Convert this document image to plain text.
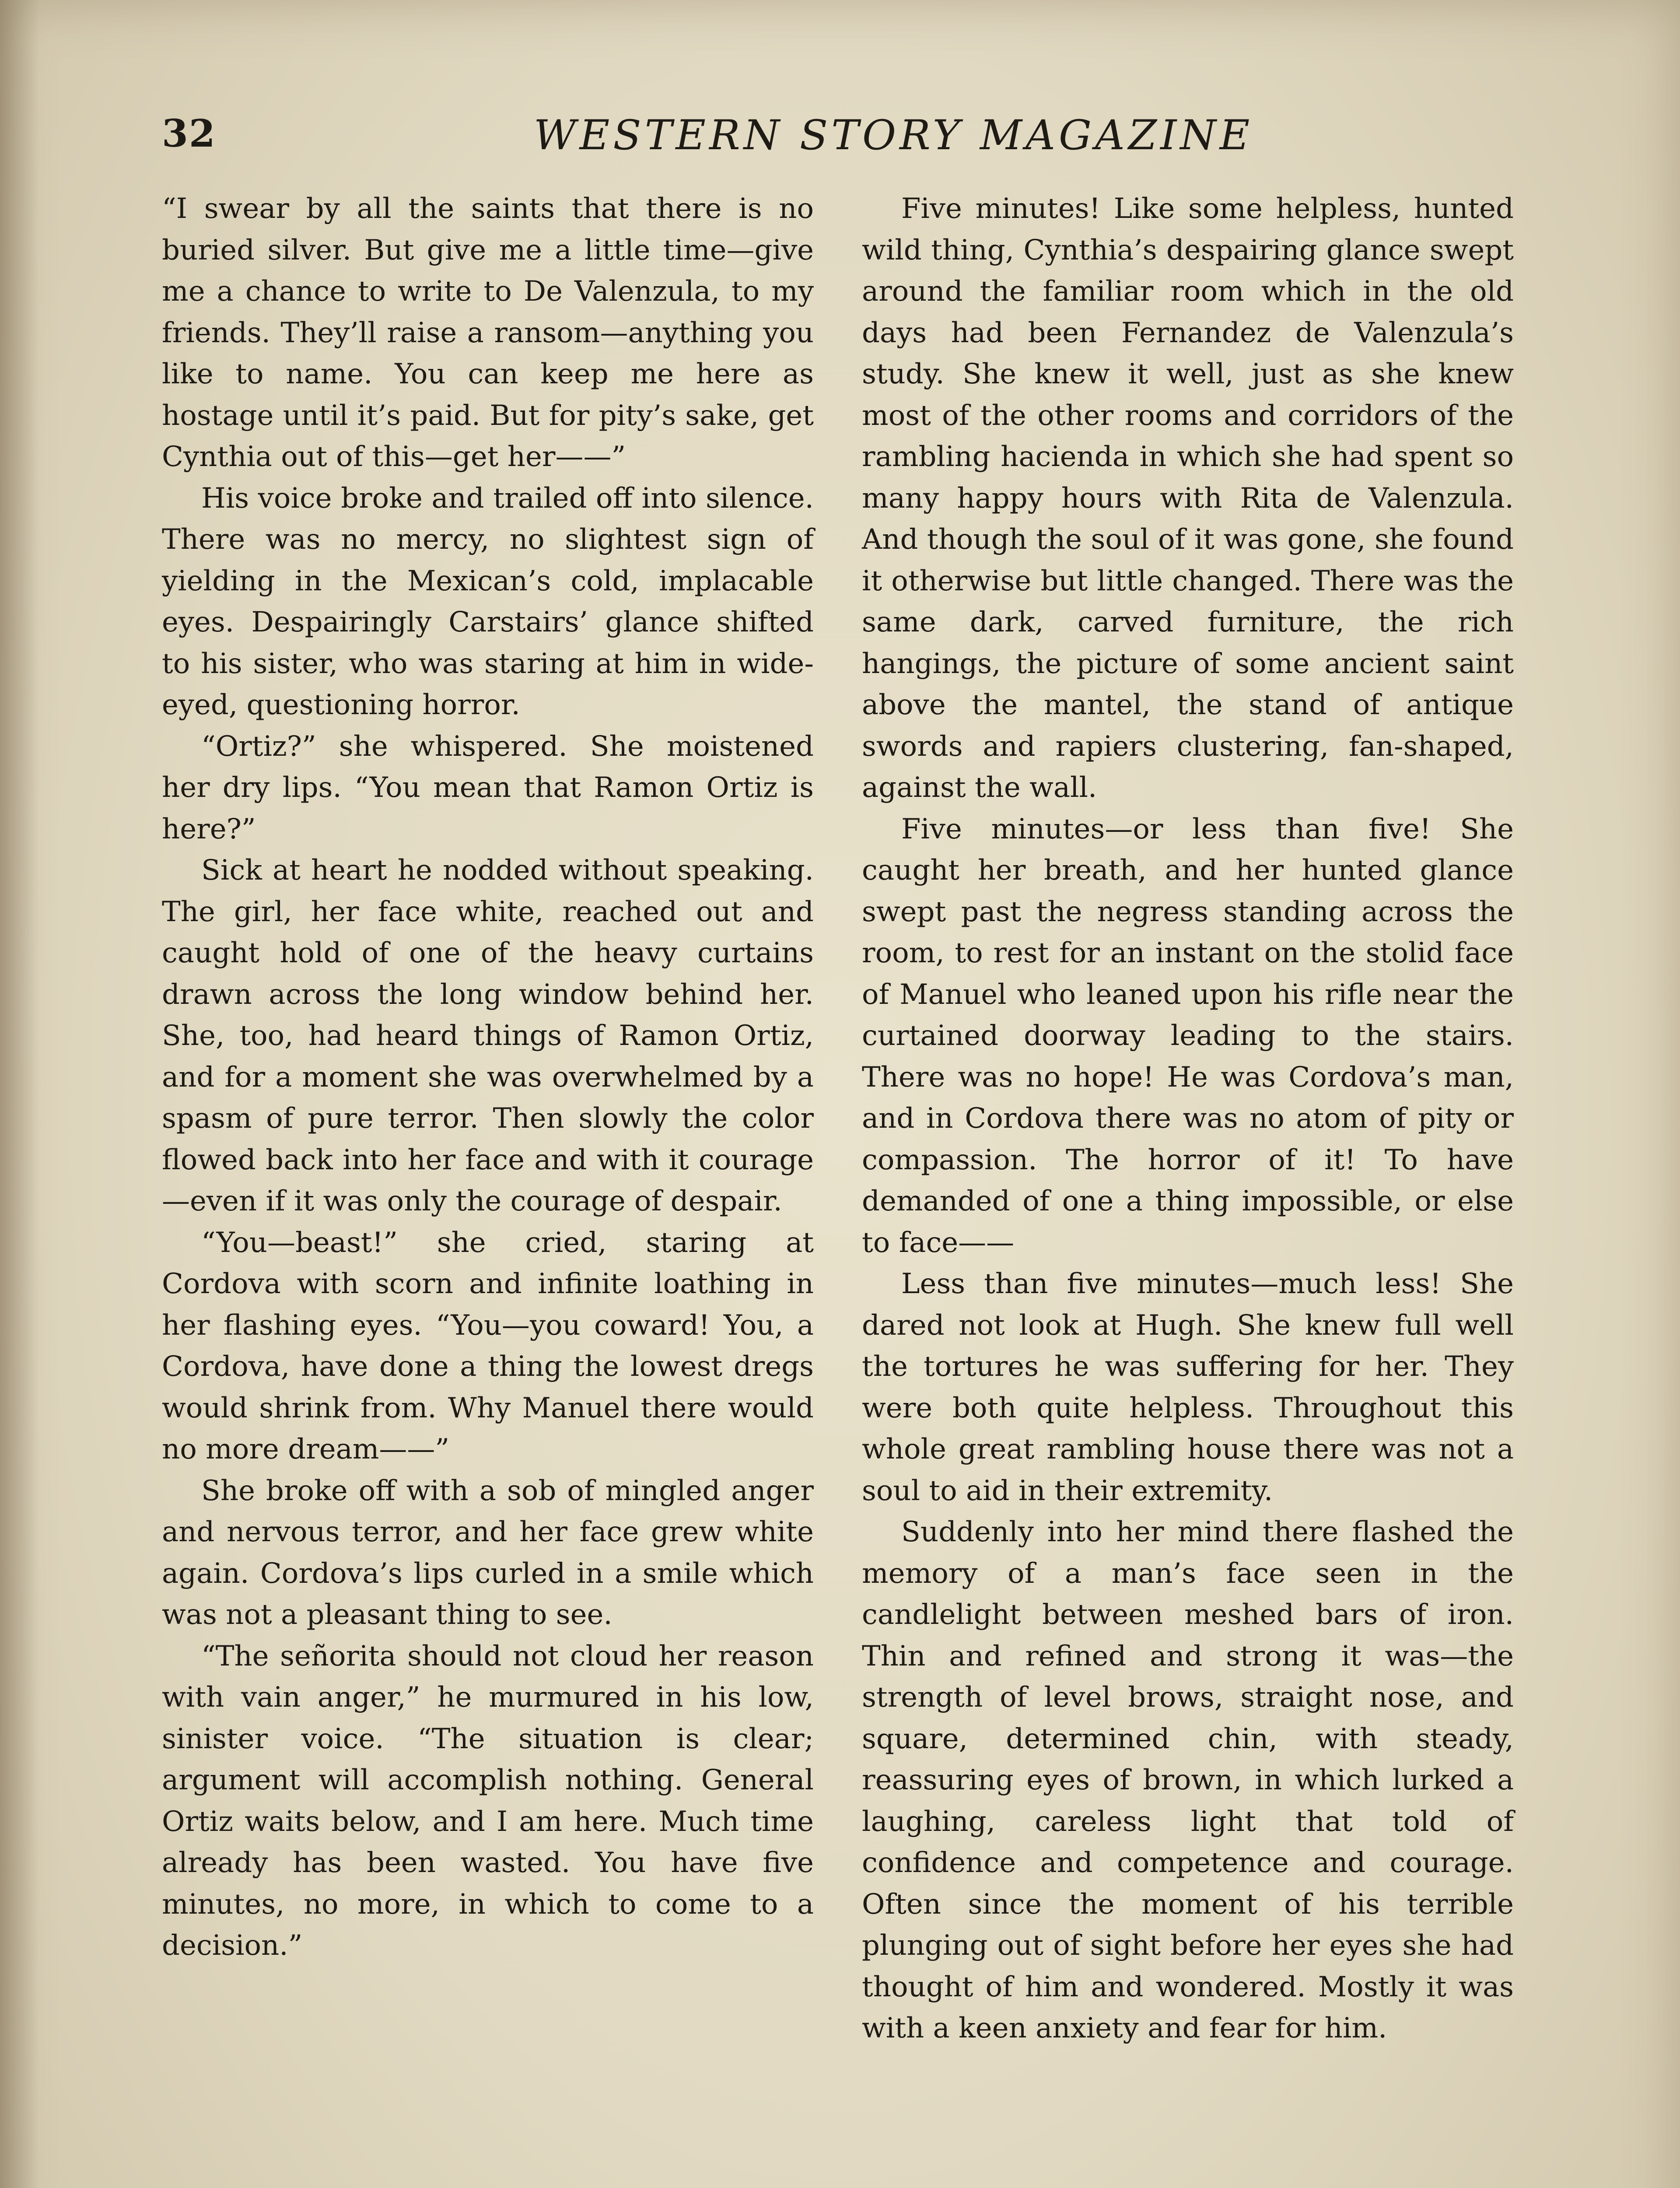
32	WESTERN STORY MAGAZINE

“I swear by all the saints that there is no buried silver. But give me a little time—give me a chance to write to De Valenzula, to my friends. They’ll raise a ransom—anything you like to name. You can keep me here as hostage until it’s paid. But for pity’s sake, get Cynthia out of this—get her——”

His voice broke and trailed off into silence. There was no mercy, no slightest sign of yielding in the Mexican’s cold, implacable eyes. Despairingly Carstairs’ glance shifted to his sister, who was staring at him in wide-eyed, questioning horror.

“Ortiz?” she whispered. She moistened her dry lips. “You mean that Ramon Ortiz is here?”

Sick at heart he nodded without speaking. The girl, her face white, reached out and caught hold of one of the heavy curtains drawn across the long window behind her. She, too, had heard things of Ramon Ortiz, and for a moment she was overwhelmed by a spasm of pure terror. Then slowly the color flowed back into her face and with it courage—even if it was only the courage of despair.

“You—beast!” she cried, staring at Cordova with scorn and infinite loathing in her flashing eyes. “You—you coward! You, a Cordova, have done a thing the lowest dregs would shrink from. Why Manuel there would no more dream——”

She broke off with a sob of mingled anger and nervous terror, and her face grew white again. Cordova’s lips curled in a smile which was not a pleasant thing to see.

“The señorita should not cloud her reason with vain anger,” he murmured in his low, sinister voice. “The situation is clear; argument will accomplish nothing. General Ortiz waits below, and I am here. Much time already has been wasted. You have five minutes, no more, in which to come to a decision.”

Five minutes! Like some helpless, hunted wild thing, Cynthia’s despairing glance swept around the familiar room which in the old days had been Fernandez de Valenzula’s study. She knew it well, just as she knew most of the other rooms and corridors of the rambling hacienda in which she had spent so many happy hours with Rita de Valenzula. And though the soul of it was gone, she found it otherwise but little changed. There was the same dark, carved furniture, the rich hangings, the picture of some ancient saint above the mantel, the stand of antique swords and rapiers clustering, fan-shaped, against the wall.

Five minutes—or less than five! She caught her breath, and her hunted glance swept past the negress standing across the room, to rest for an instant on the stolid face of Manuel who leaned upon his rifle near the curtained doorway leading to the stairs. There was no hope! He was Cordova’s man, and in Cordova there was no atom of pity or compassion. The horror of it! To have demanded of one a thing impossible, or else to face——

Less than five minutes—much less! She dared not look at Hugh. She knew full well the tortures he was suffering for her. They were both quite helpless. Throughout this whole great rambling house there was not a soul to aid in their extremity.

Suddenly into her mind there flashed the memory of a man’s face seen in the candlelight between meshed bars of iron. Thin and refined and strong it was—the strength of level brows, straight nose, and square, determined chin, with steady, reassuring eyes of brown, in which lurked a laughing, careless light that told of confidence and competence and courage. Often since the moment of his terrible plunging out of sight before her eyes she had thought of him and wondered. Mostly it was with a keen anxiety and fear for him.
